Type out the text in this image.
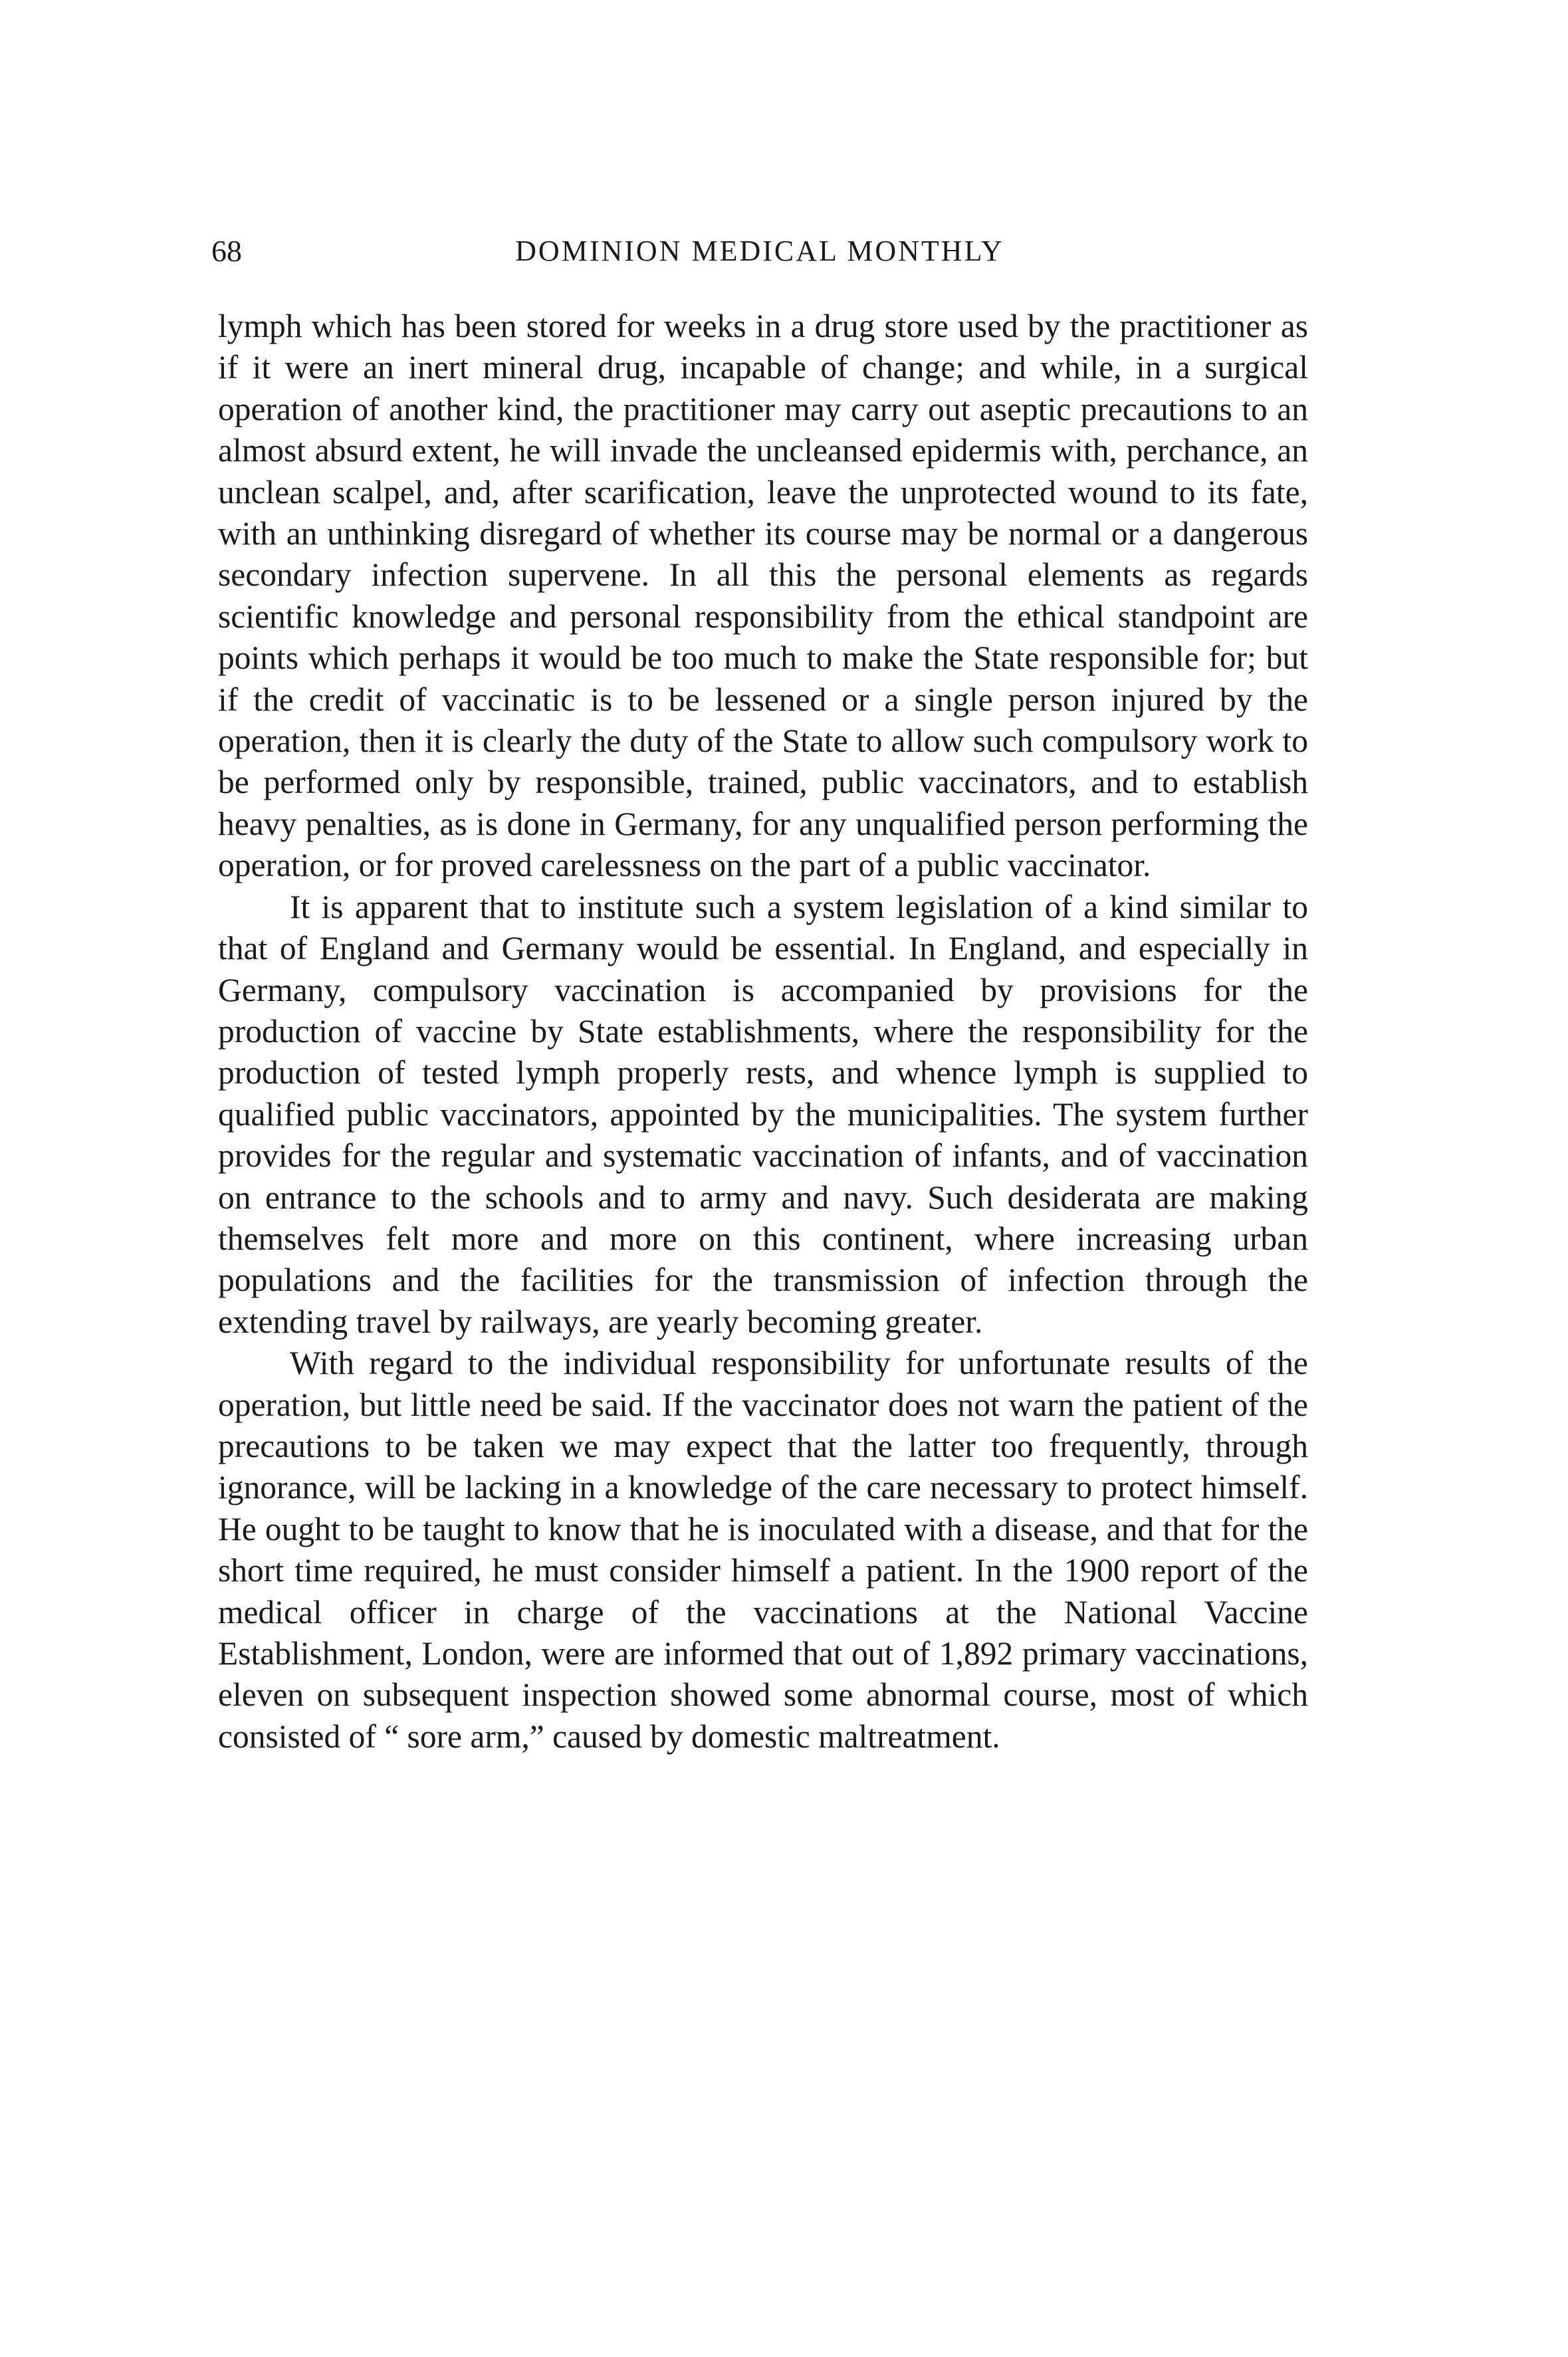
68	DOMINION MEDICAL MONTHLY

lymph which has been stored for weeks in a drug store used by the practitioner as if it were an inert mineral drug, incapable of change; and while, in a surgical operation of another kind, the practitioner may carry out aseptic precautions to an almost absurd extent, he will invade the uncleansed epidermis with, perchance, an unclean scalpel, and, after scarification, leave the unprotected wound to its fate, with an unthinking disregard of whether its course may be normal or a dangerous secondary infection supervene. In all this the personal elements as regards scientific knowledge and personal responsibility from the ethical standpoint are points which perhaps it would be too much to make the State responsible for; but if the credit of vaccinatic is to be lessened or a single person injured by the operation, then it is clearly the duty of the State to allow such compulsory work to be performed only by responsible, trained, public vaccinators, and to establish heavy penalties, as is done in Germany, for any unqualified person performing the operation, or for proved carelessness on the part of a public vaccinator.

It is apparent that to institute such a system legislation of a kind similar to that of England and Germany would be essential. In England, and especially in Germany, compulsory vaccination is accompanied by provisions for the production of vaccine by State establishments, where the responsibility for the production of tested lymph properly rests, and whence lymph is supplied to qualified public vaccinators, appointed by the municipalities. The system further provides for the regular and systematic vaccination of infants, and of vaccination on entrance to the schools and to army and navy. Such desiderata are making themselves felt more and more on this continent, where increasing urban populations and the facilities for the transmission of infection through the extending travel by railways, are yearly becoming greater.

With regard to the individual responsibility for unfortunate results of the operation, but little need be said. If the vaccinator does not warn the patient of the precautions to be taken we may expect that the latter too frequently, through ignorance, will be lacking in a knowledge of the care necessary to protect himself. He ought to be taught to know that he is inoculated with a disease, and that for the short time required, he must consider himself a patient. In the 1900 report of the medical officer in charge of the vaccinations at the National Vaccine Establishment, London, were are informed that out of 1,892 primary vaccinations, eleven on subsequent inspection showed some abnormal course, most of which consisted of “ sore arm,” caused by domestic maltreatment.
